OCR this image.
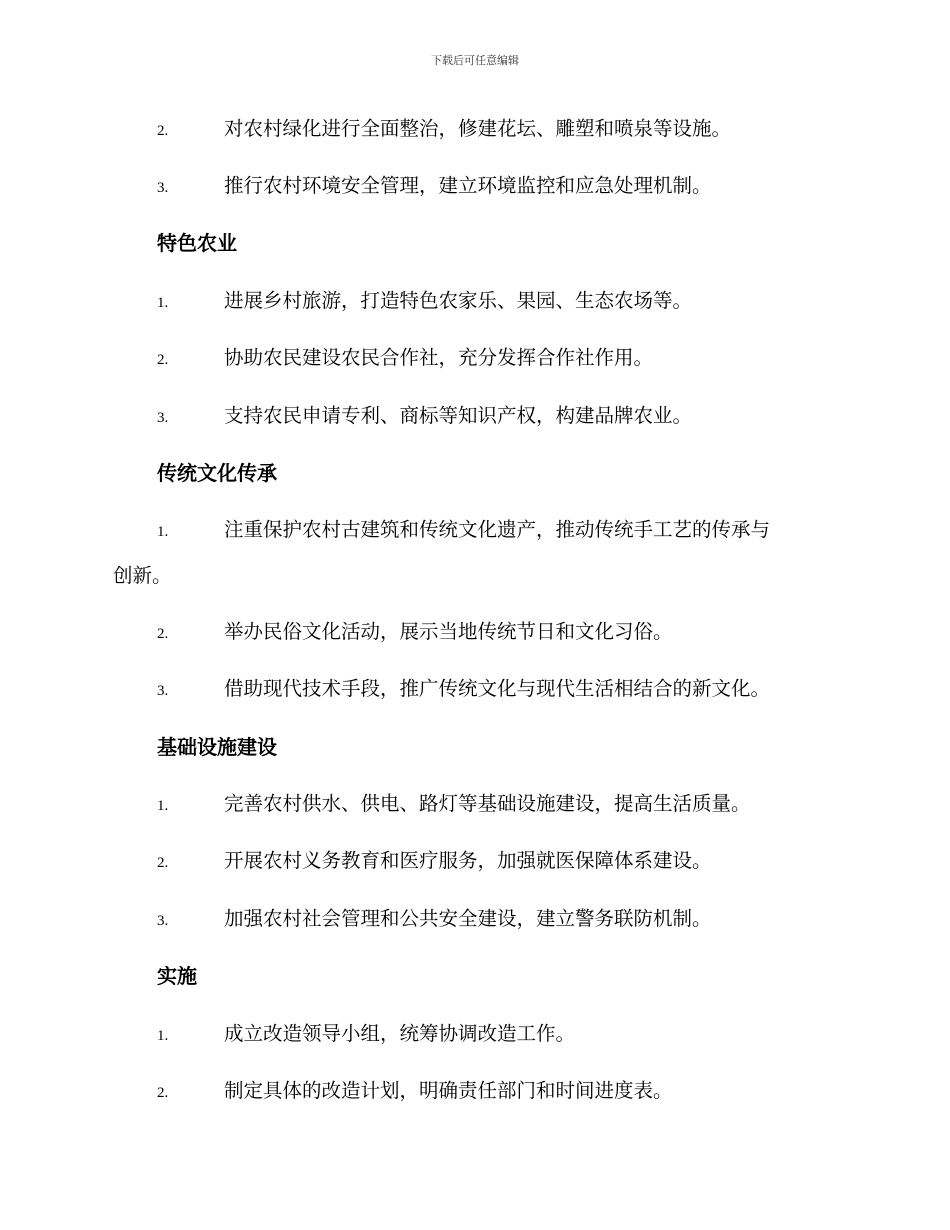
下载后可任意编辑
2.	对农村绿化进行全面整治，修建花坛、雕塑和喷泉等设施。
3.	推行农村环境安全管理，建立环境监控和应急处理机制。
特色农业
1.	进展乡村旅游，打造特色农家乐、果园、生态农场等。
2.	协助农民建设农民合作社，充分发挥合作社作用。
3.	支持农民申请专利、商标等知识产权，构建品牌农业。
传统文化传承
1.	注重保护农村古建筑和传统文化遗产，推动传统手工艺的传承与
创新。
2.	举办民俗文化活动，展示当地传统节日和文化习俗。
3.	借助现代技术手段，推广传统文化与现代生活相结合的新文化。
基础设施建设
1.	完善农村供水、供电、路灯等基础设施建设，提高生活质量。
2.	开展农村义务教育和医疗服务，加强就医保障体系建设。
3.	加强农村社会管理和公共安全建设，建立警务联防机制。
实施
1.	成立改造领导小组，统筹协调改造工作。
2.	制定具体的改造计划，明确责任部门和时间进度表。
